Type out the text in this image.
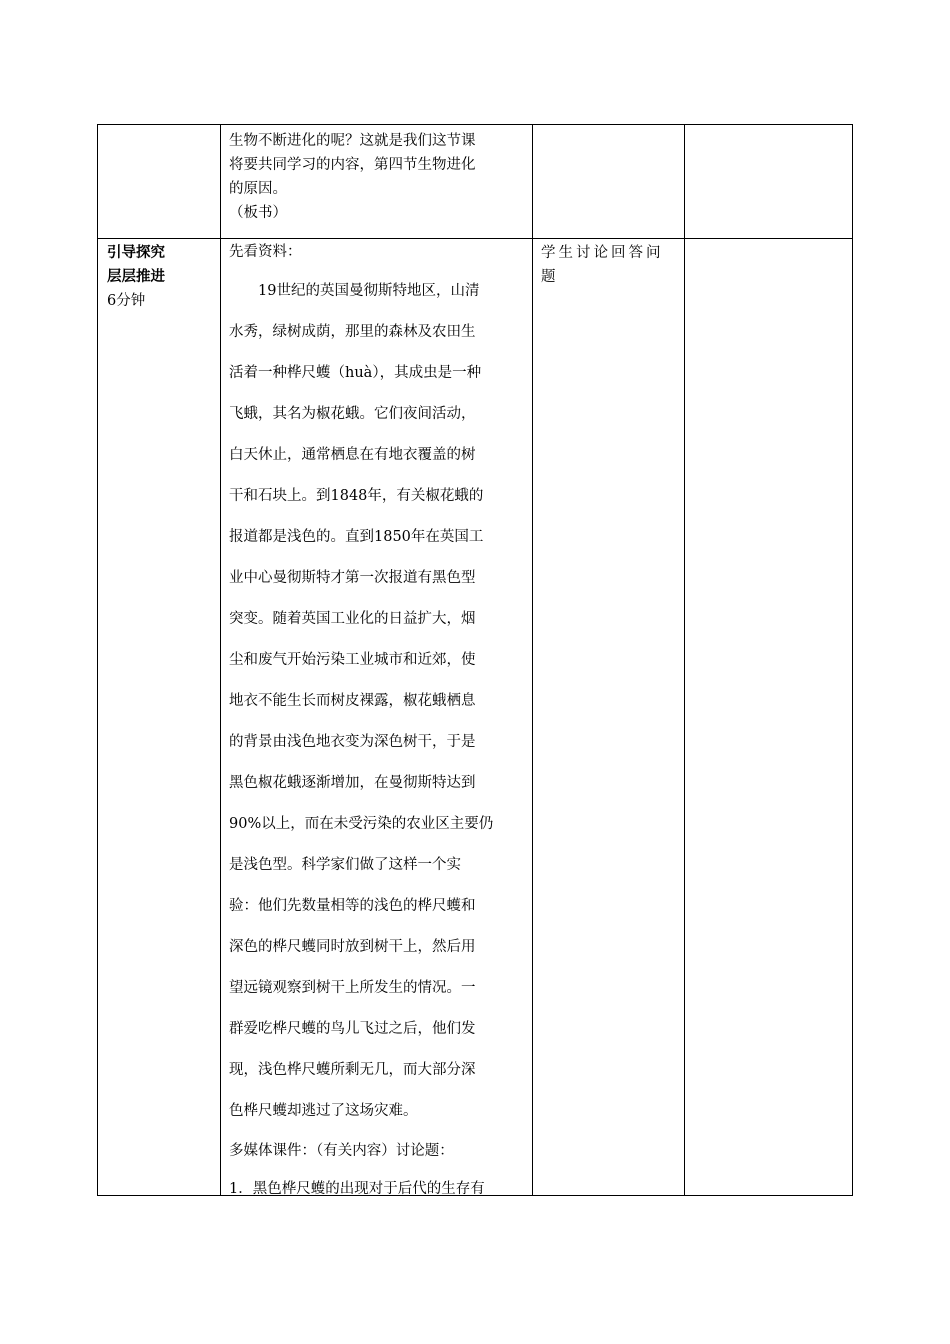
生物不断进化的呢？这就是我们这节课

将要共同学习的内容，第四节生物进化

的原因。

（板书）

引导探究

层层推进

6分钟

先看资料：

　　19世纪的英国曼彻斯特地区，山清

水秀，绿树成荫，那里的森林及农田生

活着一种桦尺蠖（huà），其成虫是一种

飞蛾，其名为椒花蛾。它们夜间活动，

白天休止，通常栖息在有地衣覆盖的树

干和石块上。到1848年，有关椒花蛾的

报道都是浅色的。直到1850年在英国工

业中心曼彻斯特才第一次报道有黑色型

突变。随着英国工业化的日益扩大，烟

尘和废气开始污染工业城市和近郊，使

地衣不能生长而树皮裸露，椒花蛾栖息

的背景由浅色地衣变为深色树干，于是

黑色椒花蛾逐渐增加，在曼彻斯特达到

90%以上，而在未受污染的农业区主要仍

是浅色型。科学家们做了这样一个实

验：他们先数量相等的浅色的桦尺蠖和

深色的桦尺蠖同时放到树干上，然后用

望远镜观察到树干上所发生的情况。一

群爱吃桦尺蠖的鸟儿飞过之后，他们发

现，浅色桦尺蠖所剩无几，而大部分深

色桦尺蠖却逃过了这场灾难。

多媒体课件：（有关内容）讨论题：

1．黑色桦尺蠖的出现对于后代的生存有

学生讨论回答问

题
